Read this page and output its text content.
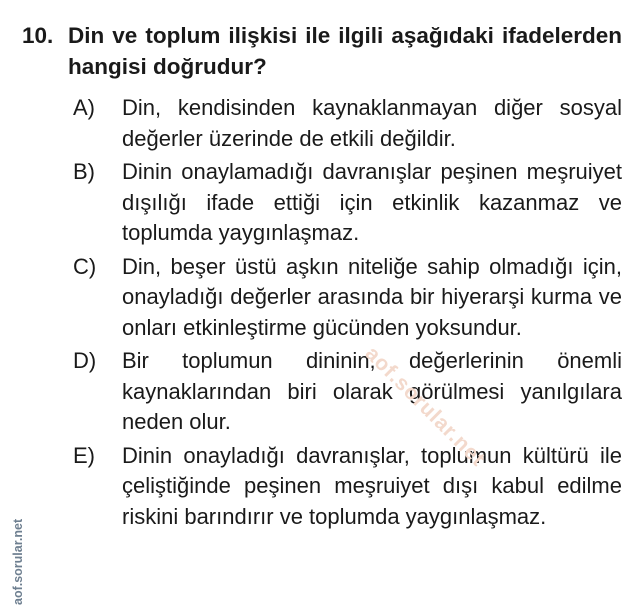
10. Din ve toplum ilişkisi ile ilgili aşağıdaki ifadelerden hangisi doğrudur?
A) Din, kendisinden kaynaklanmayan diğer sosyal değerler üzerinde de etkili değildir.
B) Dinin onaylamadığı davranışlar peşinen meşruiyet dışılığı ifade ettiği için etkinlik kazanmaz ve toplumda yaygınlaşmaz.
C) Din, beşer üstü aşkın niteliğe sahip olmadığı için, onayladığı değerler arasında bir hiyerarşi kurma ve onları etkinleştirme gücünden yoksundur.
D) Bir toplumun dininin, değerlerinin önemli kaynaklarından biri olarak görülmesi yanılgılara neden olur.
E) Dinin onayladığı davranışlar, toplumun kültürü ile çeliştiğinde peşinen meşruiyet dışı kabul edilme riskini barındırır ve toplumda yaygınlaşmaz.
aof.sorular.net
aof.sorular.net
